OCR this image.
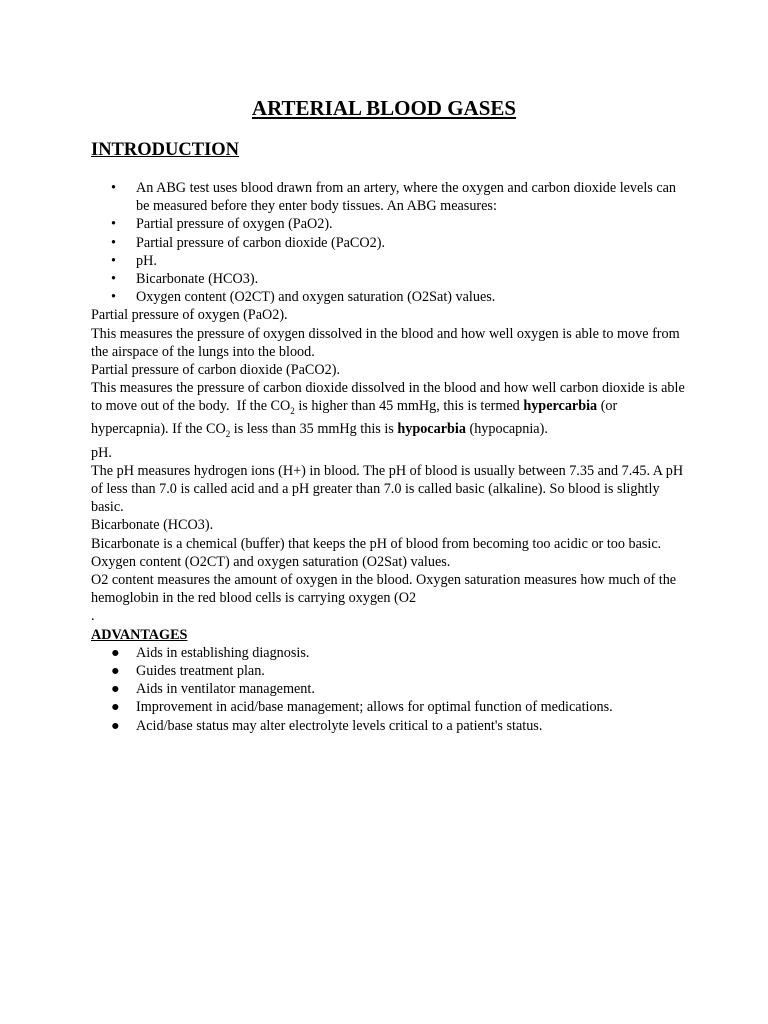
ARTERIAL BLOOD GASES
INTRODUCTION
• An ABG test uses blood drawn from an artery, where the oxygen and carbon dioxide levels can be measured before they enter body tissues. An ABG measures:
• Partial pressure of oxygen (PaO2).
• Partial pressure of carbon dioxide (PaCO2).
• pH.
• Bicarbonate (HCO3).
• Oxygen content (O2CT) and oxygen saturation (O2Sat) values.

Partial pressure of oxygen (PaO2).

This measures the pressure of oxygen dissolved in the blood and how well oxygen is able to move from the airspace of the lungs into the blood.

Partial pressure of carbon dioxide (PaCO2).

This measures the pressure of carbon dioxide dissolved in the blood and how well carbon dioxide is able to move out of the body. If the $CO_2$ is higher than 45 mmHg, this is termed hypercarbia (or hypercapnia). If the $CO_2$ is less than 35 mmHg this is hypocarbia (hypocapnia).

pH.

The pH measures hydrogen ions (H+) in blood. The pH of blood is usually between 7.35 and 7.45. A pH of less than 7.0 is called acid and a pH greater than 7.0 is called basic (alkaline). So blood is slightly basic.

Bicarbonate (HCO3).

Bicarbonate is a chemical (buffer) that keeps the pH of blood from becoming too acidic or too basic.

Oxygen content (O2CT) and oxygen saturation (O2Sat) values.

O2 content measures the amount of oxygen in the blood. Oxygen saturation measures how much of the hemoglobin in the red blood cells is carrying oxygen (O2

.

ADVANTAGES

● Aids in establishing diagnosis.
● Guides treatment plan.
● Aids in ventilator management.
● Improvement in acid/base management; allows for optimal function of medications.
● Acid/base status may alter electrolyte levels critical to a patient's status.
